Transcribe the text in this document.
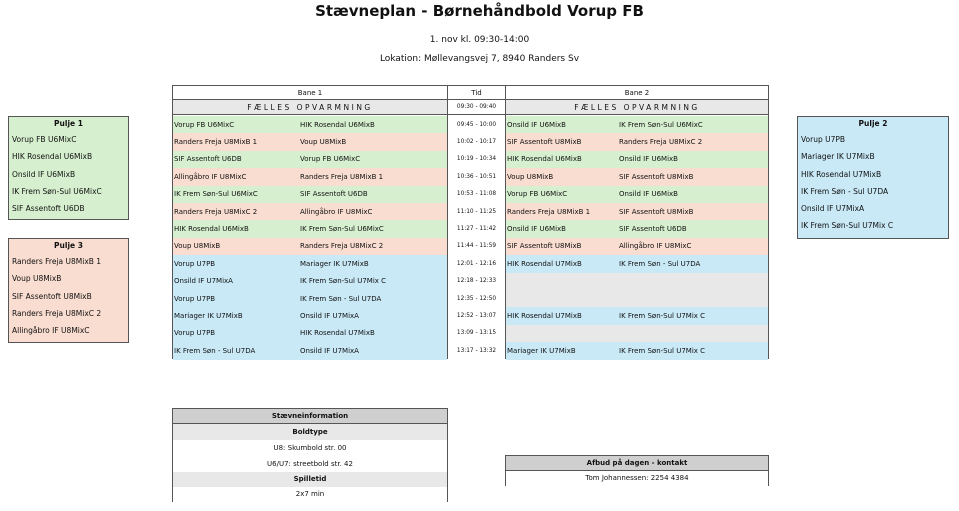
Stævneplan - Børnehåndbold Vorup FB
1. nov kl. 09:30-14:00
Lokation: Møllevangsvej 7, 8940 Randers Sv
Pulje 1
Vorup FB U6MixC
HIK Rosendal U6MixB
Onsild IF U6MixB
IK Frem Søn-Sul U6MixC
SIF Assentoft U6DB
Pulje 3
Randers Freja U8MixB 1
Voup U8MixB
SIF Assentoft U8MixB
Randers Freja U8MixC 2
Allingåbro IF U8MixC
Pulje 2
Vorup U7PB
Mariager IK U7MixB
HIK Rosendal U7MixB
IK Frem Søn - Sul U7DA
Onsild IF U7MixA
IK Frem Søn-Sul U7Mix C
Bane 1	Tid	Bane 2
FÆLLES OPVARMNING	09:30 - 09:40	FÆLLES OPVARMNING
Vorup FB U6MixC	HIK Rosendal U6MixB	09:45 - 10:00	Onsild IF U6MixB	IK Frem Søn-Sul U6MixC
Randers Freja U8MixB 1	Voup U8MixB	10:02 - 10:17	SIF Assentoft U8MixB	Randers Freja U8MixC 2
SIF Assentoft U6DB	Vorup FB U6MixC	10:19 - 10:34	HIK Rosendal U6MixB	Onsild IF U6MixB
Allingåbro IF U8MixC	Randers Freja U8MixB 1	10:36 - 10:51	Voup U8MixB	SIF Assentoft U8MixB
IK Frem Søn-Sul U6MixC	SIF Assentoft U6DB	10:53 - 11:08	Vorup FB U6MixC	Onsild IF U6MixB
Randers Freja U8MixC 2	Allingåbro IF U8MixC	11:10 - 11:25	Randers Freja U8MixB 1	SIF Assentoft U8MixB
HIK Rosendal U6MixB	IK Frem Søn-Sul U6MixC	11:27 - 11:42	Onsild IF U6MixB	SIF Assentoft U6DB
Voup U8MixB	Randers Freja U8MixC 2	11:44 - 11:59	SIF Assentoft U8MixB	Allingåbro IF U8MixC
Vorup U7PB	Mariager IK U7MixB	12:01 - 12:16	HIK Rosendal U7MixB	IK Frem Søn - Sul U7DA
Onsild IF U7MixA	IK Frem Søn-Sul U7Mix C	12:18 - 12:33
Vorup U7PB	IK Frem Søn - Sul U7DA	12:35 - 12:50
Mariager IK U7MixB	Onsild IF U7MixA	12:52 - 13:07	HIK Rosendal U7MixB	IK Frem Søn-Sul U7Mix C
Vorup U7PB	HIK Rosendal U7MixB	13:09 - 13:15
IK Frem Søn - Sul U7DA	Onsild IF U7MixA	13:17 - 13:32	Mariager IK U7MixB	IK Frem Søn-Sul U7Mix C
Stævneinformation
Boldtype
U8: Skumbold str. 00
U6/U7: streetbold str. 42
Spilletid
2x7 min
Afbud på dagen - kontakt
Tom Johannessen: 2254 4384
